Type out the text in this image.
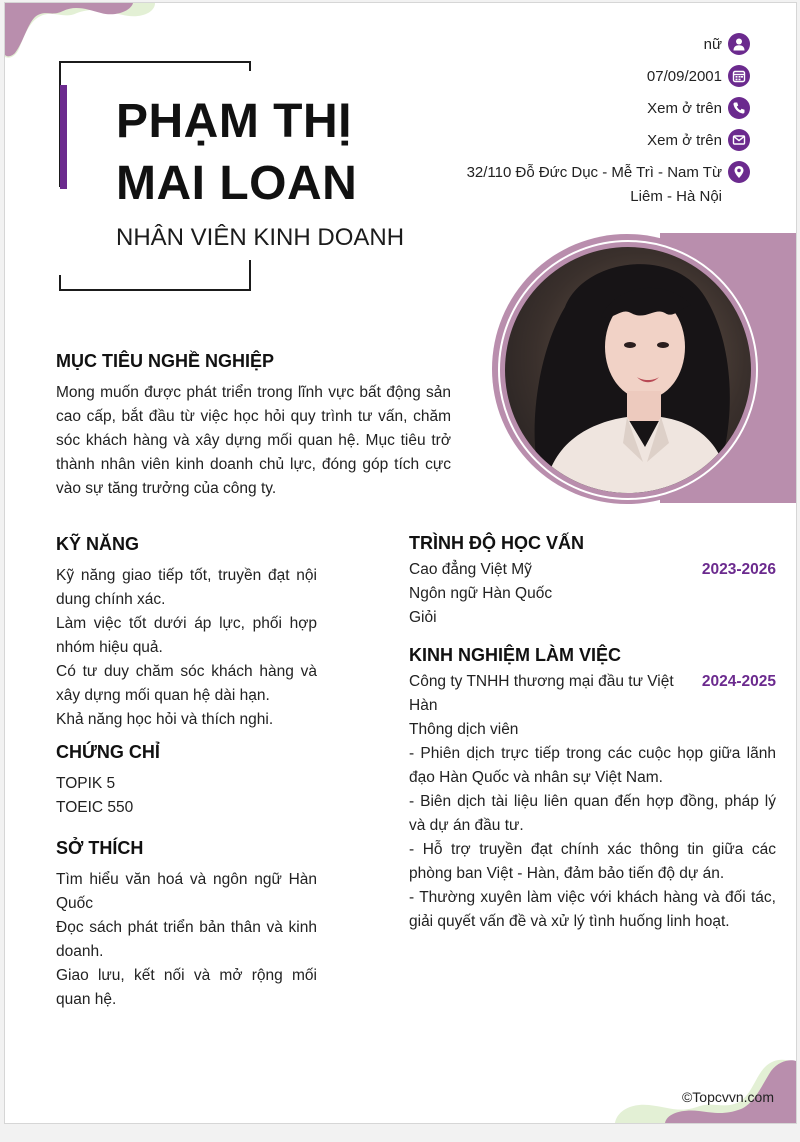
PHẠM THỊ
MAI LOAN
NHÂN VIÊN KINH DOANH
nữ
07/09/2001
Xem ở trên
Xem ở trên
32/110 Đỗ Đức Dục - Mễ Trì - Nam Từ
Liêm - Hà Nội
MỤC TIÊU NGHỀ NGHIỆP
Mong muốn được phát triển trong lĩnh vực bất động sản cao cấp, bắt đầu từ việc học hỏi quy trình tư vấn, chăm sóc khách hàng và xây dựng mối quan hệ. Mục tiêu trở thành nhân viên kinh doanh chủ lực, đóng góp tích cực vào sự tăng trưởng của công ty.
KỸ NĂNG
Kỹ năng giao tiếp tốt, truyền đạt nội dung chính xác.
Làm việc tốt dưới áp lực, phối hợp nhóm hiệu quả.
Có tư duy chăm sóc khách hàng và xây dựng mối quan hệ dài hạn.
Khả năng học hỏi và thích nghi.
CHỨNG CHỈ
TOPIK 5
TOEIC 550
SỞ THÍCH
Tìm hiểu văn hoá và ngôn ngữ Hàn Quốc
Đọc sách phát triển bản thân và kinh doanh.
Giao lưu, kết nối và mở rộng mối quan hệ.
TRÌNH ĐỘ HỌC VẤN
Cao đẳng Việt Mỹ	2023-2026
Ngôn ngữ Hàn Quốc
Giỏi
KINH NGHIỆM LÀM VIỆC
Công ty TNHH thương mại đầu tư Việt Hàn
2024-2025
Thông dịch viên
- Phiên dịch trực tiếp trong các cuộc họp giữa lãnh đạo Hàn Quốc và nhân sự Việt Nam.
- Biên dịch tài liệu liên quan đến hợp đồng, pháp lý và dự án đầu tư.
- Hỗ trợ truyền đạt chính xác thông tin giữa các phòng ban Việt - Hàn, đảm bảo tiến độ dự án.
- Thường xuyên làm việc với khách hàng và đối tác, giải quyết vấn đề và xử lý tình huống linh hoạt.
©Topcvvn.com
